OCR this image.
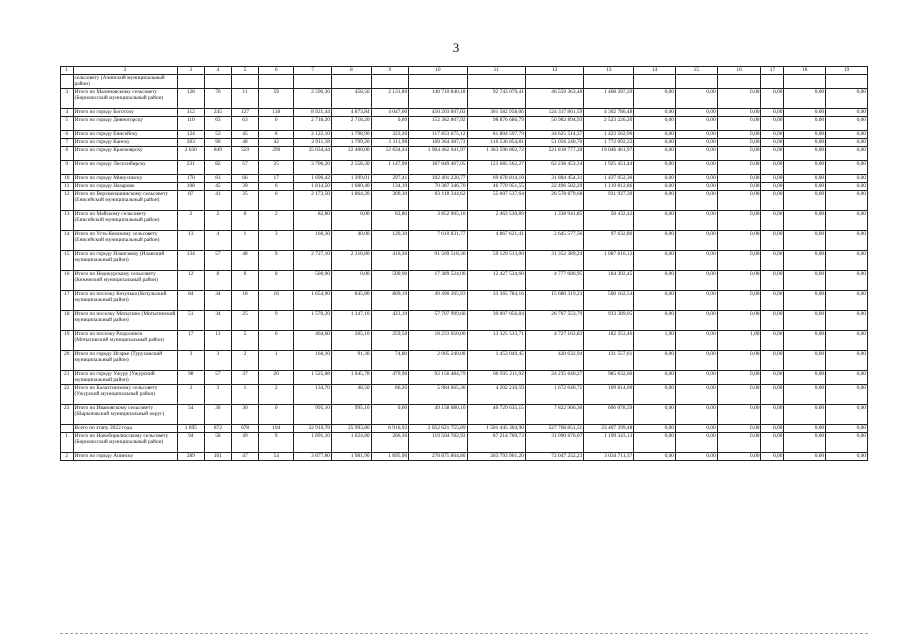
3
1	2	3	4	5	6	7	8	9	10	11	12	13	14	15	16	17	18	19
	сельсовету (Ачинский муниципальный район)																	
3	Итого по Малиновскому сельсовету (Бирилюсский муниципальный район)	128	70	11	59	2 590,36	458,56	2 131,80	140 710 840,18	92 743 079,41	46 559 363,48	1 408 397,29	0,00	0,00	0,00	0,00	0,00	0,00
4	Итого по городу Боготолу	312	245	127	118	8 921,44	4 873,84	4 047,60	450 203 607,03	301 582 958,06	124 317 861,59	4 302 786,48	0,00	0,00	0,00	0,00	0,00	0,00
5	Итого по городу Дивногорску	110	63	63	0	2 718,20	2 718,20	0,00	152 382 807,92	98 876 686,79	50 982 894,93	2 523 226,20	0,00	0,00	0,00	0,00	0,00	0,00
6	Итого по городу Енисейску	124	53	45	8	2 122,10	1 798,90	323,20	117 853 675,12	81 804 597,79	34 625 514,37	1 423 562,96	0,00	0,00	0,00	0,00	0,00	0,00
7	Итого по городу Канску	203	90	48	42	2 911,18	1 799,20	1 111,98	169 364 387,73	116 536 054,81	51 056 240,70	1 772 092,22	0,00	0,00	0,00	0,00	0,00	0,00
8	Итого по городу Красноярску	2 630	849	559	290	35 034,44	22 400,00	12 634,44	1 904 462 041,97	1 363 596 802,72	521 818 777,28	19 046 461,97	0,00	0,00	0,00	0,00	0,00	0,00
9	Итого по городу Лесосибирску	231	82	57	25	3 706,20	2 558,30	1 147,90	187 849 467,05	123 685 562,27	62 238 453,34	1 925 451,44	0,00	0,00	0,00	0,00	0,00	0,00
10	Итого по городу Минусинску	170	83	66	17	1 696,42	1 399,01	297,41	102 401 220,77	69 078 814,10	31 884 454,31	1 437 952,36	0,00	0,00	0,00	0,00	0,00	0,00
11	Итого по городу Назарово	108	45	39	6	1 814,50	1 680,40	134,10	70 387 346,70	46 770 951,55	22 496 582,29	1 119 812,86	0,00	0,00	0,00	0,00	0,00	0,00
12	Итого по Верхнепашинскому сельсовету (Енисейский муниципальный район)	87	41	35	6	2 173,50	1 864,20	309,30	83 118 344,62	55 607 537,64	26 578 879,68	931 927,30	0,00	0,00	0,00	0,00	0,00	0,00
13	Итого по Майскому сельсовету (Енисейский муниципальный район)	2	2	0	2	82,80	0,00	82,80	3 852 905,16	2 463 530,89	1 338 941,85	50 432,42	0,00	0,00	0,00	0,00	0,00	0,00
14	Итого по Усть-Кемскому сельсовету (Енисейский муниципальный район)	13	4	1	3	160,30	40,00	120,30	7 610 831,77	4 867 621,41	2 645 577,56	97 632,80	0,00	0,00	0,00	0,00	0,00	0,00
15	Итого по городу Иланскому (Иланский муниципальный район)	134	57	48	9	2 727,10	2 310,80	416,30	91 569 518,36	59 129 513,00	31 352 389,24	1 087 616,12	0,00	0,00	0,00	0,00	0,00	0,00
16	Итого по Недокурскому сельсовету (Кежемский муниципальный район)	12	8	0	8	500,90	0,00	500,90	17 389 524,00	12 427 534,60	4 777 686,95	184 302,45	0,00	0,00	0,00	0,00	0,00	0,00
17	Итого по поселку Козулька (Козульский муниципальный район)	84	34	18	16	1 654,90	845,80	809,10	49 490 265,93	33 365 784,16	15 680 319,23	500 162,54	0,00	0,00	0,00	0,00	0,00	0,00
18	Итого по поселку Мотыгино (Мотыгинский муниципальный район)	51	34	25	9	1 570,20	1 147,10	423,10	57 707 999,68	30 007 056,84	26 767 553,79	933 389,05	0,00	0,00	0,00	0,00	0,00	0,00
19	Итого по поселку Раздолинск (Мотыгинский муниципальный район)	17	11	5	6	464,60	205,10	259,50	18 233 050,00	13 325 533,71	4 727 162,83	182 353,46	1,00	0,00	1,00	0,00	0,00	0,00
20	Итого по городу Игарке (Туруханский муниципальный район)	3	3	2	1	166,10	91,30	74,80	2 005 240,00	1 453 049,45	420 632,94	131 557,61	0,00	0,00	0,00	0,00	0,00	0,00
21	Итого по городу Ужуру (Ужурский муниципальный район)	98	57	37	20	1 525,68	1 045,78	479,90	92 156 484,79	66 935 211,92	24 235 640,27	985 632,60	0,00	0,00	0,00	0,00	0,00	0,00
22	Итого по Балахтинскому сельсовету (Ужурский муниципальный район)	3	3	1	2	134,70	48,50	86,20	5 984 665,36	4 202 210,59	1 672 640,71	109 814,06	0,00	0,00	0,00	0,00	0,00	0,00
23	Итого по Ивановскому сельсовету (Шарыповский муниципальный округ)	54	30	30	0	995,10	995,10	0,00	49 158 680,10	40 729 635,15	7 822 966,36	606 078,59	0,00	0,00	0,00	0,00	0,00	0,00
	Всего по этапу 2022 года	1 695	872	678	194	32 910,78	25 993,86	6 916,92	2 052 621 755,89	1 501 445 304,90	527 768 851,51	23 407 399,48	0,00	0,00	0,00	0,00	0,00	0,00
1	Итого по Новобирилюсскому сельсовету (Бирилюсский муниципальный район)	94	58	49	9	1 891,10	1 624,80	266,30	119 504 782,93	87 214 769,73	31 090 670,07	1 199 343,13	0,00	0,00	0,00	0,00	0,00	0,00
2	Итого по городу Ачинску	289	101	47	54	3 877,80	1 981,90	1 895,90	278 875 864,80	203 793 901,20	72 047 252,23	3 034 711,37	0,00	0,00	0,00	0,00	0,00	0,00
